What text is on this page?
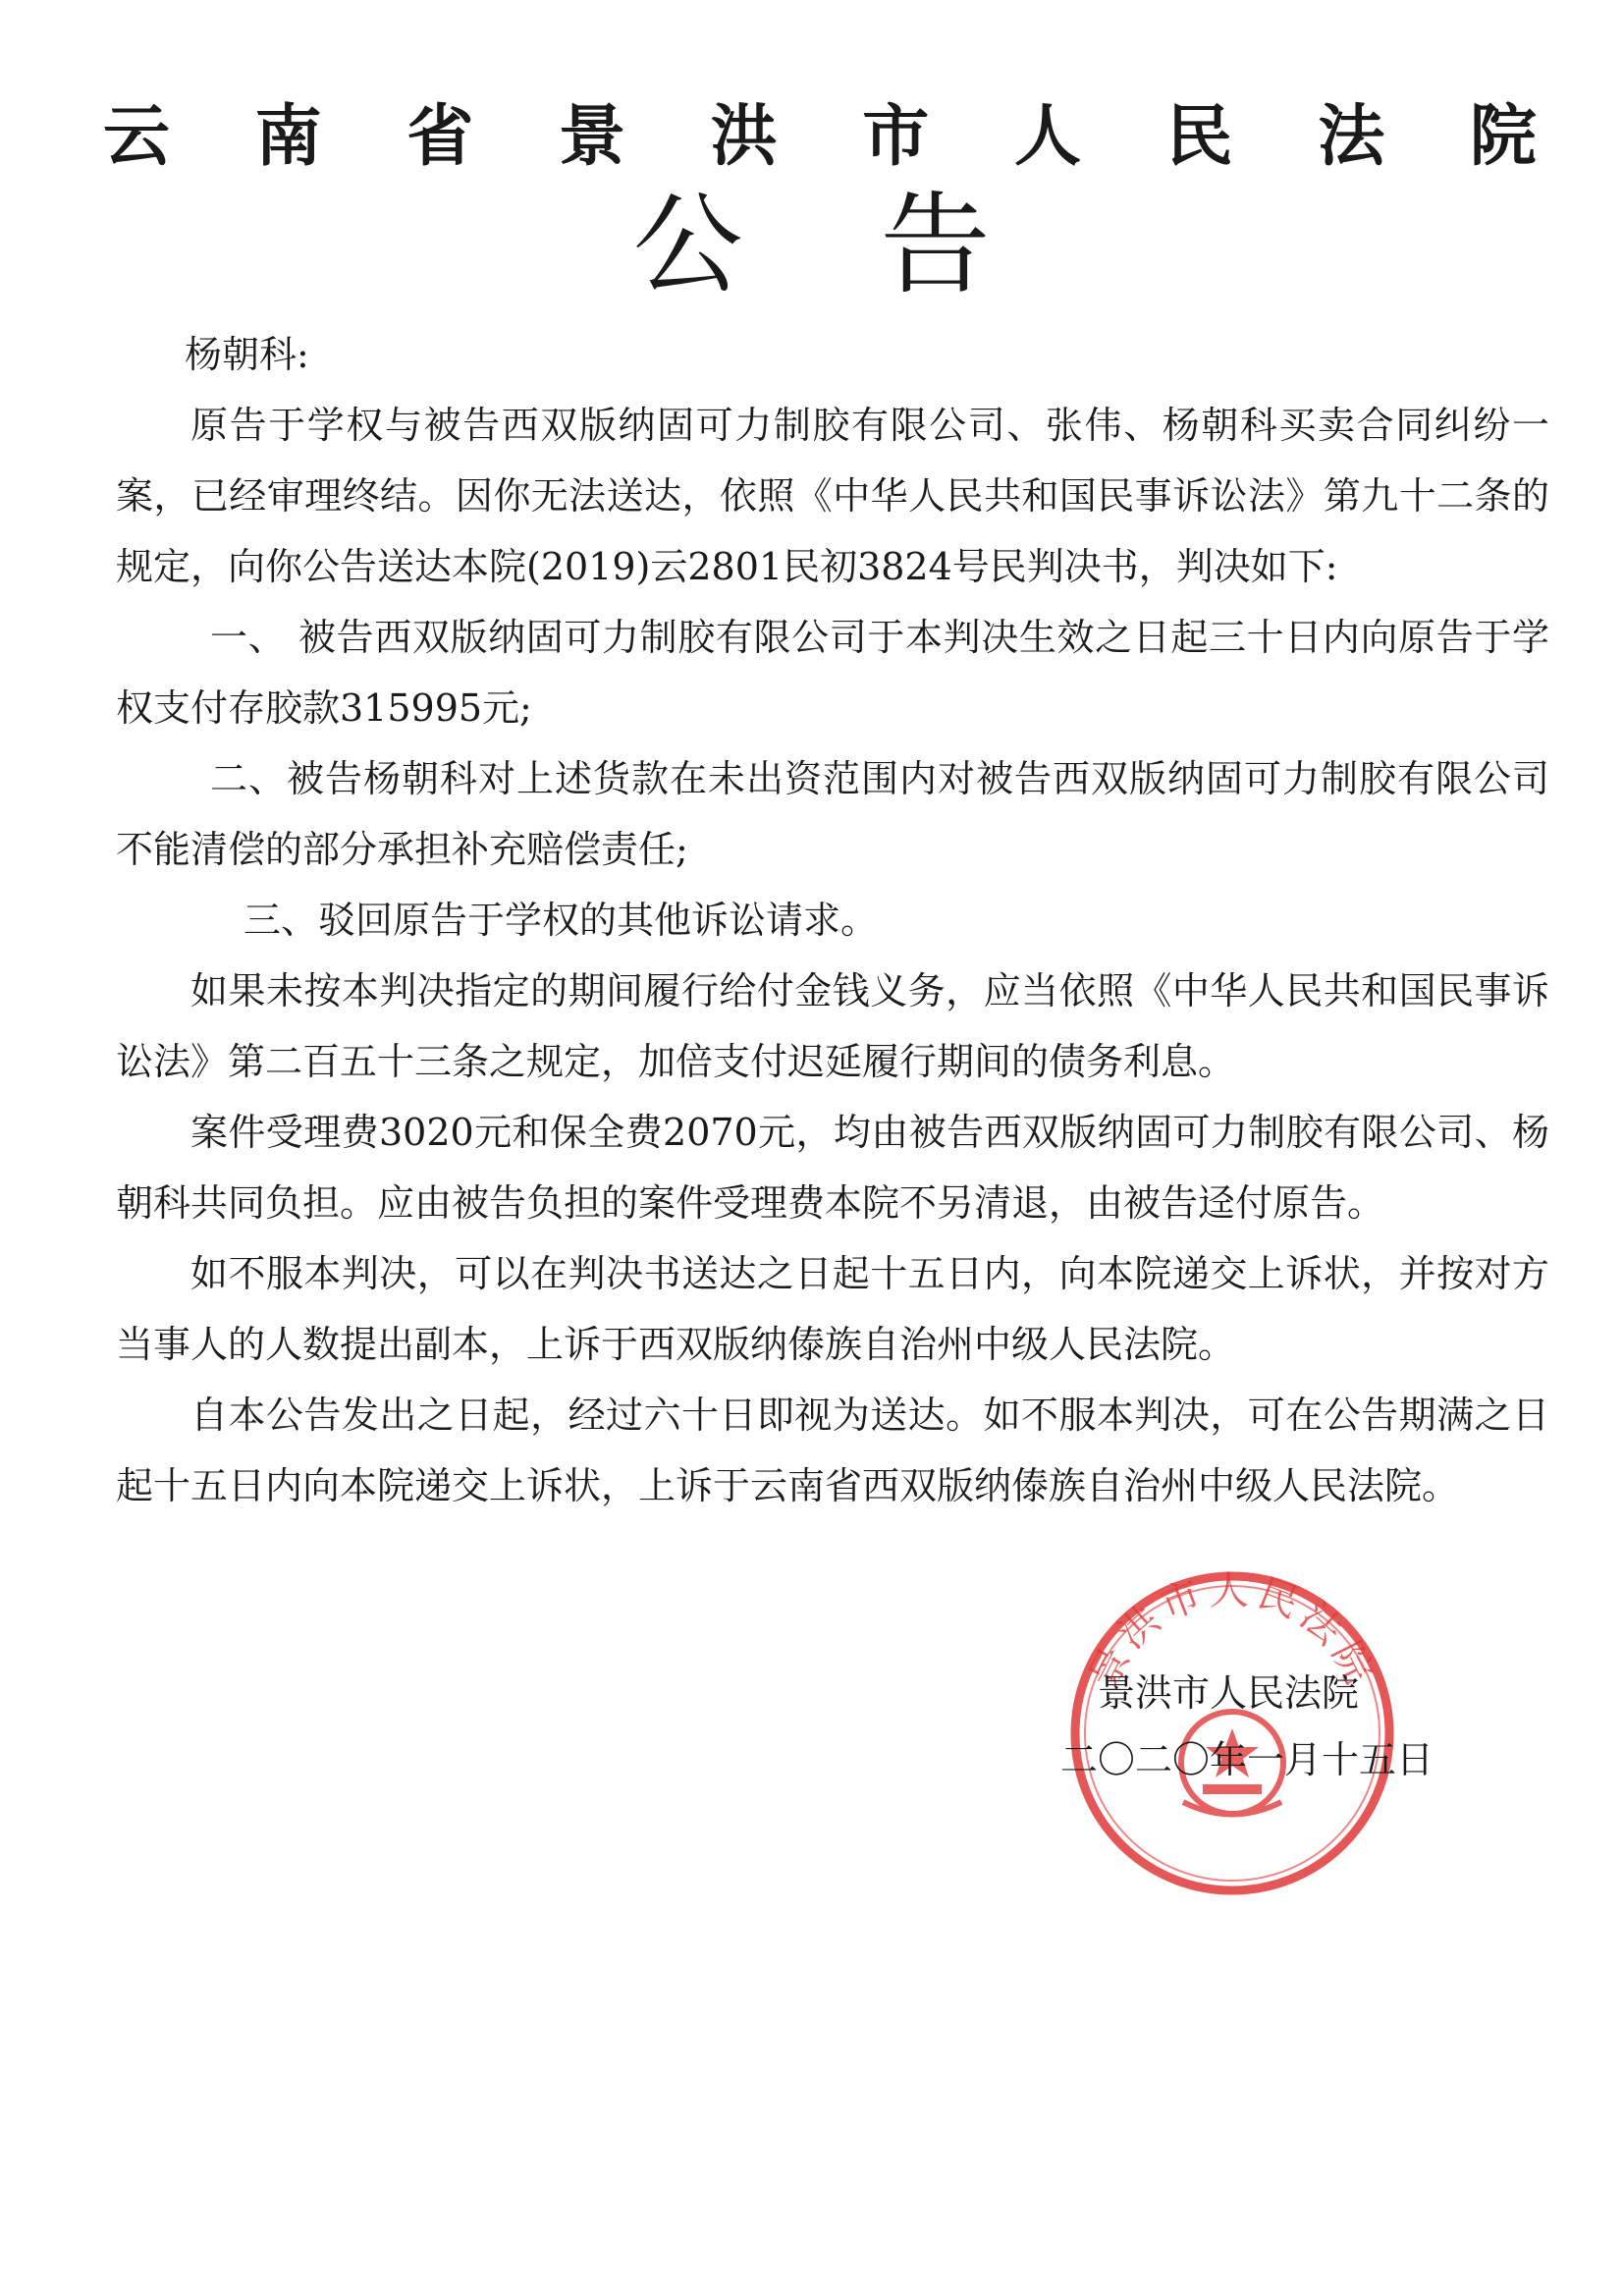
云 南 省 景 洪 市 人 民 法 院
公告

杨朝科:

原告于学权与被告西双版纳固可力制胶有限公司、张伟、杨朝科买卖合同纠纷一案，已经审理终结。因你无法送达，依照《中华人民共和国民事诉讼法》第九十二条的规定，向你公告送达本院(2019)云2801民初3824号民判决书，判决如下:

一、 被告西双版纳固可力制胶有限公司于本判决生效之日起三十日内向原告于学权支付存胶款315995元;

二、被告杨朝科对上述货款在未出资范围内对被告西双版纳固可力制胶有限公司不能清偿的部分承担补充赔偿责任;

三、驳回原告于学权的其他诉讼请求。

如果未按本判决指定的期间履行给付金钱义务，应当依照《中华人民共和国民事诉讼法》第二百五十三条之规定，加倍支付迟延履行期间的债务利息。

案件受理费3020元和保全费2070元，均由被告西双版纳固可力制胶有限公司、杨朝科共同负担。应由被告负担的案件受理费本院不另清退，由被告迳付原告。

如不服本判决，可以在判决书送达之日起十五日内，向本院递交上诉状，并按对方当事人的人数提出副本，上诉于西双版纳傣族自治州中级人民法院。

自本公告发出之日起，经过六十日即视为送达。如不服本判决，可在公告期满之日起十五日内向本院递交上诉状，上诉于云南省西双版纳傣族自治州中级人民法院。

景洪市人民法院
景洪市人民法院
二〇二〇年一月十五日
